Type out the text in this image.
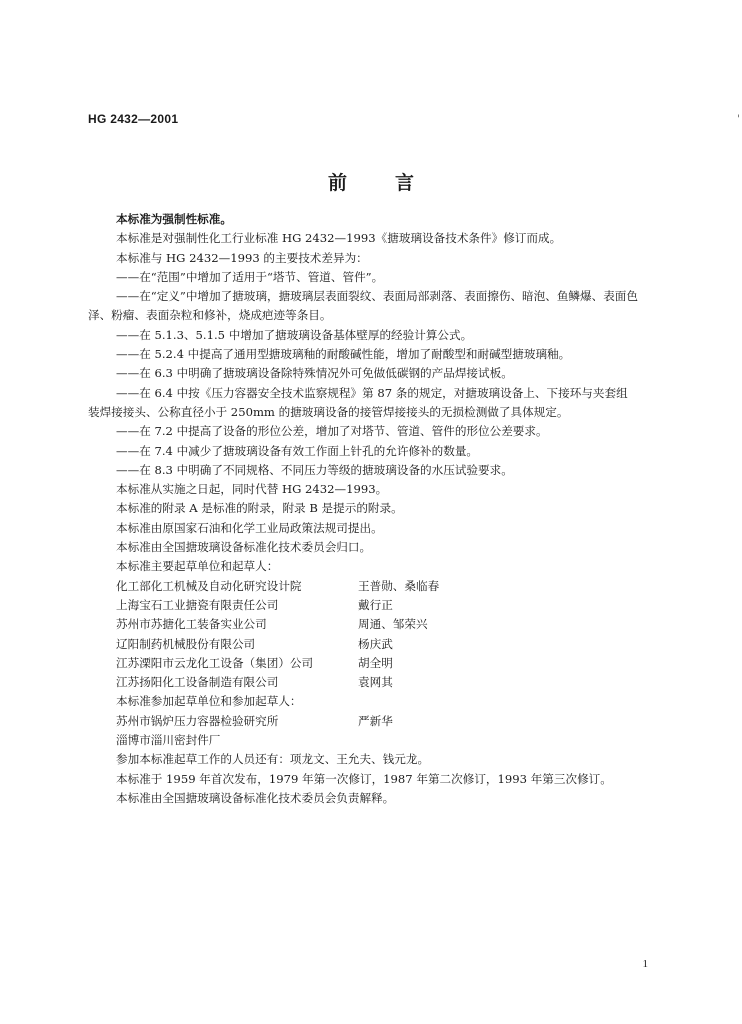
HG 2432—2001	'
前言
本标准为强制性标准。
本标准是对强制性化工行业标准 HG 2432—1993《搪玻璃设备技术条件》修订而成。
本标准与 HG 2432—1993 的主要技术差异为：
——在“范围”中增加了适用于“塔节、管道、管件”。
——在“定义”中增加了搪玻璃，搪玻璃层表面裂纹、表面局部剥落、表面擦伤、暗泡、鱼鳞爆、表面色
泽、粉瘤、表面杂粒和修补，烧成疤迹等条目。
——在 5.1.3、5.1.5 中增加了搪玻璃设备基体壁厚的经验计算公式。
——在 5.2.4 中提高了通用型搪玻璃釉的耐酸碱性能，增加了耐酸型和耐碱型搪玻璃釉。
——在 6.3 中明确了搪玻璃设备除特殊情况外可免做低碳钢的产品焊接试板。
——在 6.4 中按《压力容器安全技术监察规程》第 87 条的规定，对搪玻璃设备上、下接环与夹套组
装焊接接头、公称直径小于 250mm 的搪玻璃设备的接管焊接接头的无损检测做了具体规定。
——在 7.2 中提高了设备的形位公差，增加了对塔节、管道、管件的形位公差要求。
——在 7.4 中减少了搪玻璃设备有效工作面上针孔的允许修补的数量。
——在 8.3 中明确了不同规格、不同压力等级的搪玻璃设备的水压试验要求。
本标准从实施之日起，同时代替 HG 2432—1993。
本标准的附录 A 是标准的附录，附录 B 是提示的附录。
本标准由原国家石油和化学工业局政策法规司提出。
本标准由全国搪玻璃设备标准化技术委员会归口。
本标准主要起草单位和起草人：
化工部化工机械及自动化研究设计院	王普勋、桑临春
上海宝石工业搪瓷有限责任公司	戴行正
苏州市苏搪化工装备实业公司	周通、邹荣兴
辽阳制药机械股份有限公司	杨庆武
江苏溧阳市云龙化工设备（集团）公司	胡全明
江苏扬阳化工设备制造有限公司	袁网其
本标准参加起草单位和参加起草人：
苏州市锅炉压力容器检验研究所	严新华
淄博市淄川密封件厂
参加本标准起草工作的人员还有：项龙文、王允夫、钱元龙。
本标准于 1959 年首次发布，1979 年第一次修订，1987 年第二次修订，1993 年第三次修订。
本标准由全国搪玻璃设备标准化技术委员会负责解释。
1
